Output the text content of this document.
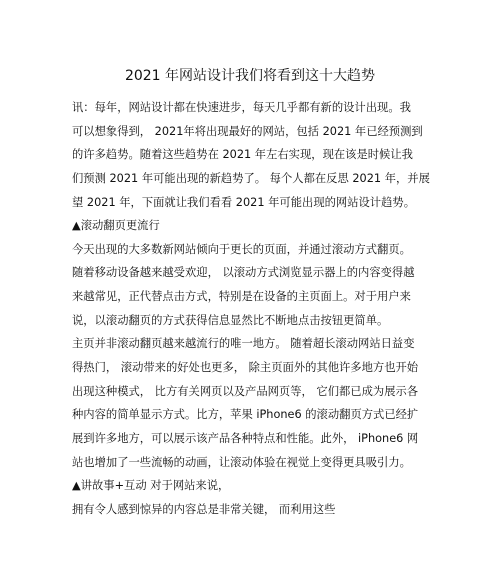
2021 年网站设计我们将看到这十大趋势
讯：每年，网站设计都在快速进步，每天几乎都有新的设计出现。我
可以想象得到， 2021年将出现最好的网站，包括 2021 年已经预测到
的许多趋势。随着这些趋势在 2021 年左右实现，现在该是时候让我
们预测 2021 年可能出现的新趋势了。 每个人都在反思 2021 年，并展
望 2021 年，下面就让我们看看 2021 年可能出现的网站设计趋势。
▲滚动翻页更流行
今天出现的大多数新网站倾向于更长的页面，并通过滚动方式翻页。
随着移动设备越来越受欢迎， 以滚动方式浏览显示器上的内容变得越
来越常见，正代替点击方式，特别是在设备的主页面上。对于用户来
说，以滚动翻页的方式获得信息显然比不断地点击按钮更简单。
主页并非滚动翻页越来越流行的唯一地方。 随着超长滚动网站日益变
得热门， 滚动带来的好处也更多， 除主页面外的其他许多地方也开始
出现这种模式， 比方有关网页以及产品网页等， 它们都已成为展示各
种内容的简单显示方式。比方，苹果 iPhone6 的滚动翻页方式已经扩
展到许多地方，可以展示该产品各种特点和性能。此外， iPhone6 网
站也增加了一些流畅的动画，让滚动体验在视觉上变得更具吸引力。
▲讲故事+互动 对于网站来说，
拥有令人感到惊异的内容总是非常关键， 而利用这些
